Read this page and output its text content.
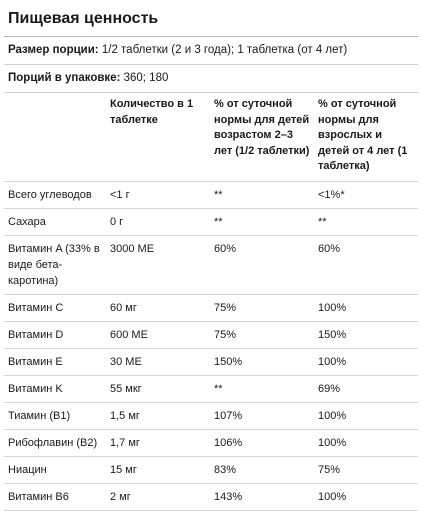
Пищевая ценность
Размер порции: 1/2 таблетки (2 и 3 года); 1 таблетка (от 4 лет)
Порций в упаковке: 360; 180
	Количество в 1 таблетке	% от суточной нормы для детей возрастом 2–3 лет (1/2 таблетки)	% от суточной нормы для взрослых и детей от 4 лет (1 таблетка)
Всего углеводов	<1 г	**	<1%*
Сахара	0 г	**	**
Витамин A (33% в виде бета-каротина)	3000 МЕ	60%	60%
Витамин C	60 мг	75%	100%
Витамин D	600 МЕ	75%	150%
Витамин E	30 МЕ	150%	100%
Витамин K	55 мкг	**	69%
Тиамин (B1)	1,5 мг	107%	100%
Рибофлавин (B2)	1,7 мг	106%	100%
Ниацин	15 мг	83%	75%
Витамин B6	2 мг	143%	100%
